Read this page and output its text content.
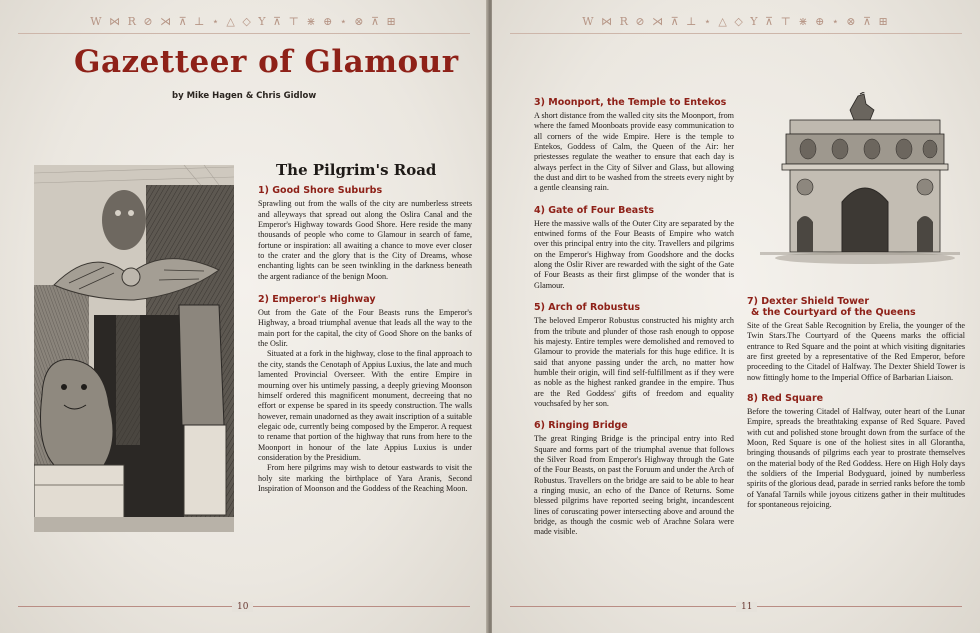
W ⋈ R ⊘ ⋊ ⊼ ⊥ ⋆ △ ◇ Y ⊼ ⊤ ⋇ ⊕ ⋆ ⊗ ⊼ ⊞
Gazetteer of Glamour
by Mike Hagen & Chris Gidlow
The Pilgrim's Road
1) Good Shore Suburbs

Sprawling out from the walls of the city are numberless streets and alleyways that spread out along the Oslira Canal and the Emperor's Highway towards Good Shore. Here reside the many thousands of people who come to Glamour in search of fame, fortune or inspiration: all awaiting a chance to move ever closer to the crater and the glory that is the City of Dreams, whose enchanting lights can be seen twinkling in the darkness beneath the argent radiance of the benign Moon.

2) Emperor's Highway

Out from the Gate of the Four Beasts runs the Emperor's Highway, a broad triumphal avenue that leads all the way to the main port for the capital, the city of Good Shore on the banks of the Oslir.

Situated at a fork in the highway, close to the final approach to the city, stands the Cenotaph of Appius Luxius, the late and much lamented Provincial Overseer. With the entire Empire in mourning over his untimely passing, a deeply grieving Moonson himself ordered this magnificent monument, decreeing that no effort or expense be spared in its speedy construction. The walls however, remain unadorned as they await inscription of a suitable elegaic ode, currently being composed by the Emperor. A request to rename that portion of the highway that runs from here to the Moonport in honour of the late Appius Luxius is under consideration by the Presidium.

From here pilgrims may wish to detour eastwards to visit the holy site marking the birthplace of Yara Aranis, Second Inspiration of Moonson and the Goddess of the Reaching Moon.

10
W ⋈ R ⊘ ⋊ ⊼ ⊥ ⋆ △ ◇ Y ⊼ ⊤ ⋇ ⊕ ⋆ ⊗ ⊼ ⊞
3) Moonport, the Temple to Entekos

A short distance from the walled city sits the Moonport, from where the famed Moonboats provide easy communication to all corners of the wide Empire. Here is the temple to Entekos, Goddess of Calm, the Queen of the Air: her priestesses regulate the weather to ensure that each day is always perfect in the City of Silver and Glass, but allowing the dust and dirt to be washed from the streets every night by a gentle cleansing rain.

4) Gate of Four Beasts

Here the massive walls of the Outer City are separated by the entwined forms of the Four Beasts of Empire who watch over this principal entry into the city. Travellers and pilgrims on the Emperor's Highway from Goodshore and the docks along the Oslir River are rewarded with the sight of the Gate of Four Beasts as their first glimpse of the wonder that is Glamour.

5) Arch of Robustus

The beloved Emperor Robustus constructed his mighty arch from the tribute and plunder of those rash enough to oppose his majesty. Entire temples were demolished and removed to Glamour to provide the materials for this huge edifice. It is said that anyone passing under the arch, no matter how humble their origin, will find self-fulfillment as if they were as noble as the highest ranked grandee in the empire. Thus are the Red Goddess' gifts of freedom and equality vouchsafed by her son.

6) Ringing Bridge

The great Ringing Bridge is the principal entry into Red Square and forms part of the triumphal avenue that follows the Silver Road from Emperor's Highway through the Gate of the Four Beasts, on past the Foruum and under the Arch of Robustus. Travellers on the bridge are said to be able to hear a ringing music, an echo of the Dance of Returns. Some blessed pilgrims have reported seeing bright, incandescent lines of coruscating power intersecting above and around the bridge, as though the cosmic web of Arachne Solara were made visible.

7) Dexter Shield Tower
& the Courtyard of the Queens

Site of the Great Sable Recognition by Erelia, the younger of the Twin Stars.The Courtyard of the Queens marks the official entrance to Red Square and the point at which visiting dignitaries are first greeted by a representative of the Red Emperor, before proceeding to the Citadel of Halfway. The Dexter Shield Tower is now fittingly home to the Imperial Office of Barbarian Liaison.

8) Red Square

Before the towering Citadel of Halfway, outer heart of the Lunar Empire, spreads the breathtaking expanse of Red Square. Paved with cut and polished stone brought down from the surface of the Moon, Red Square is one of the holiest sites in all Glorantha, bringing thousands of pilgrims each year to prostrate themselves on the material body of the Red Goddess. Here on High Holy days the soldiers of the Imperial Bodyguard, joined by numberless spirits of the glorious dead, parade in serried ranks before the tomb of Yanafal Tarnils while joyous citizens gather in their multitudes for spontaneous rejoicing.

11
